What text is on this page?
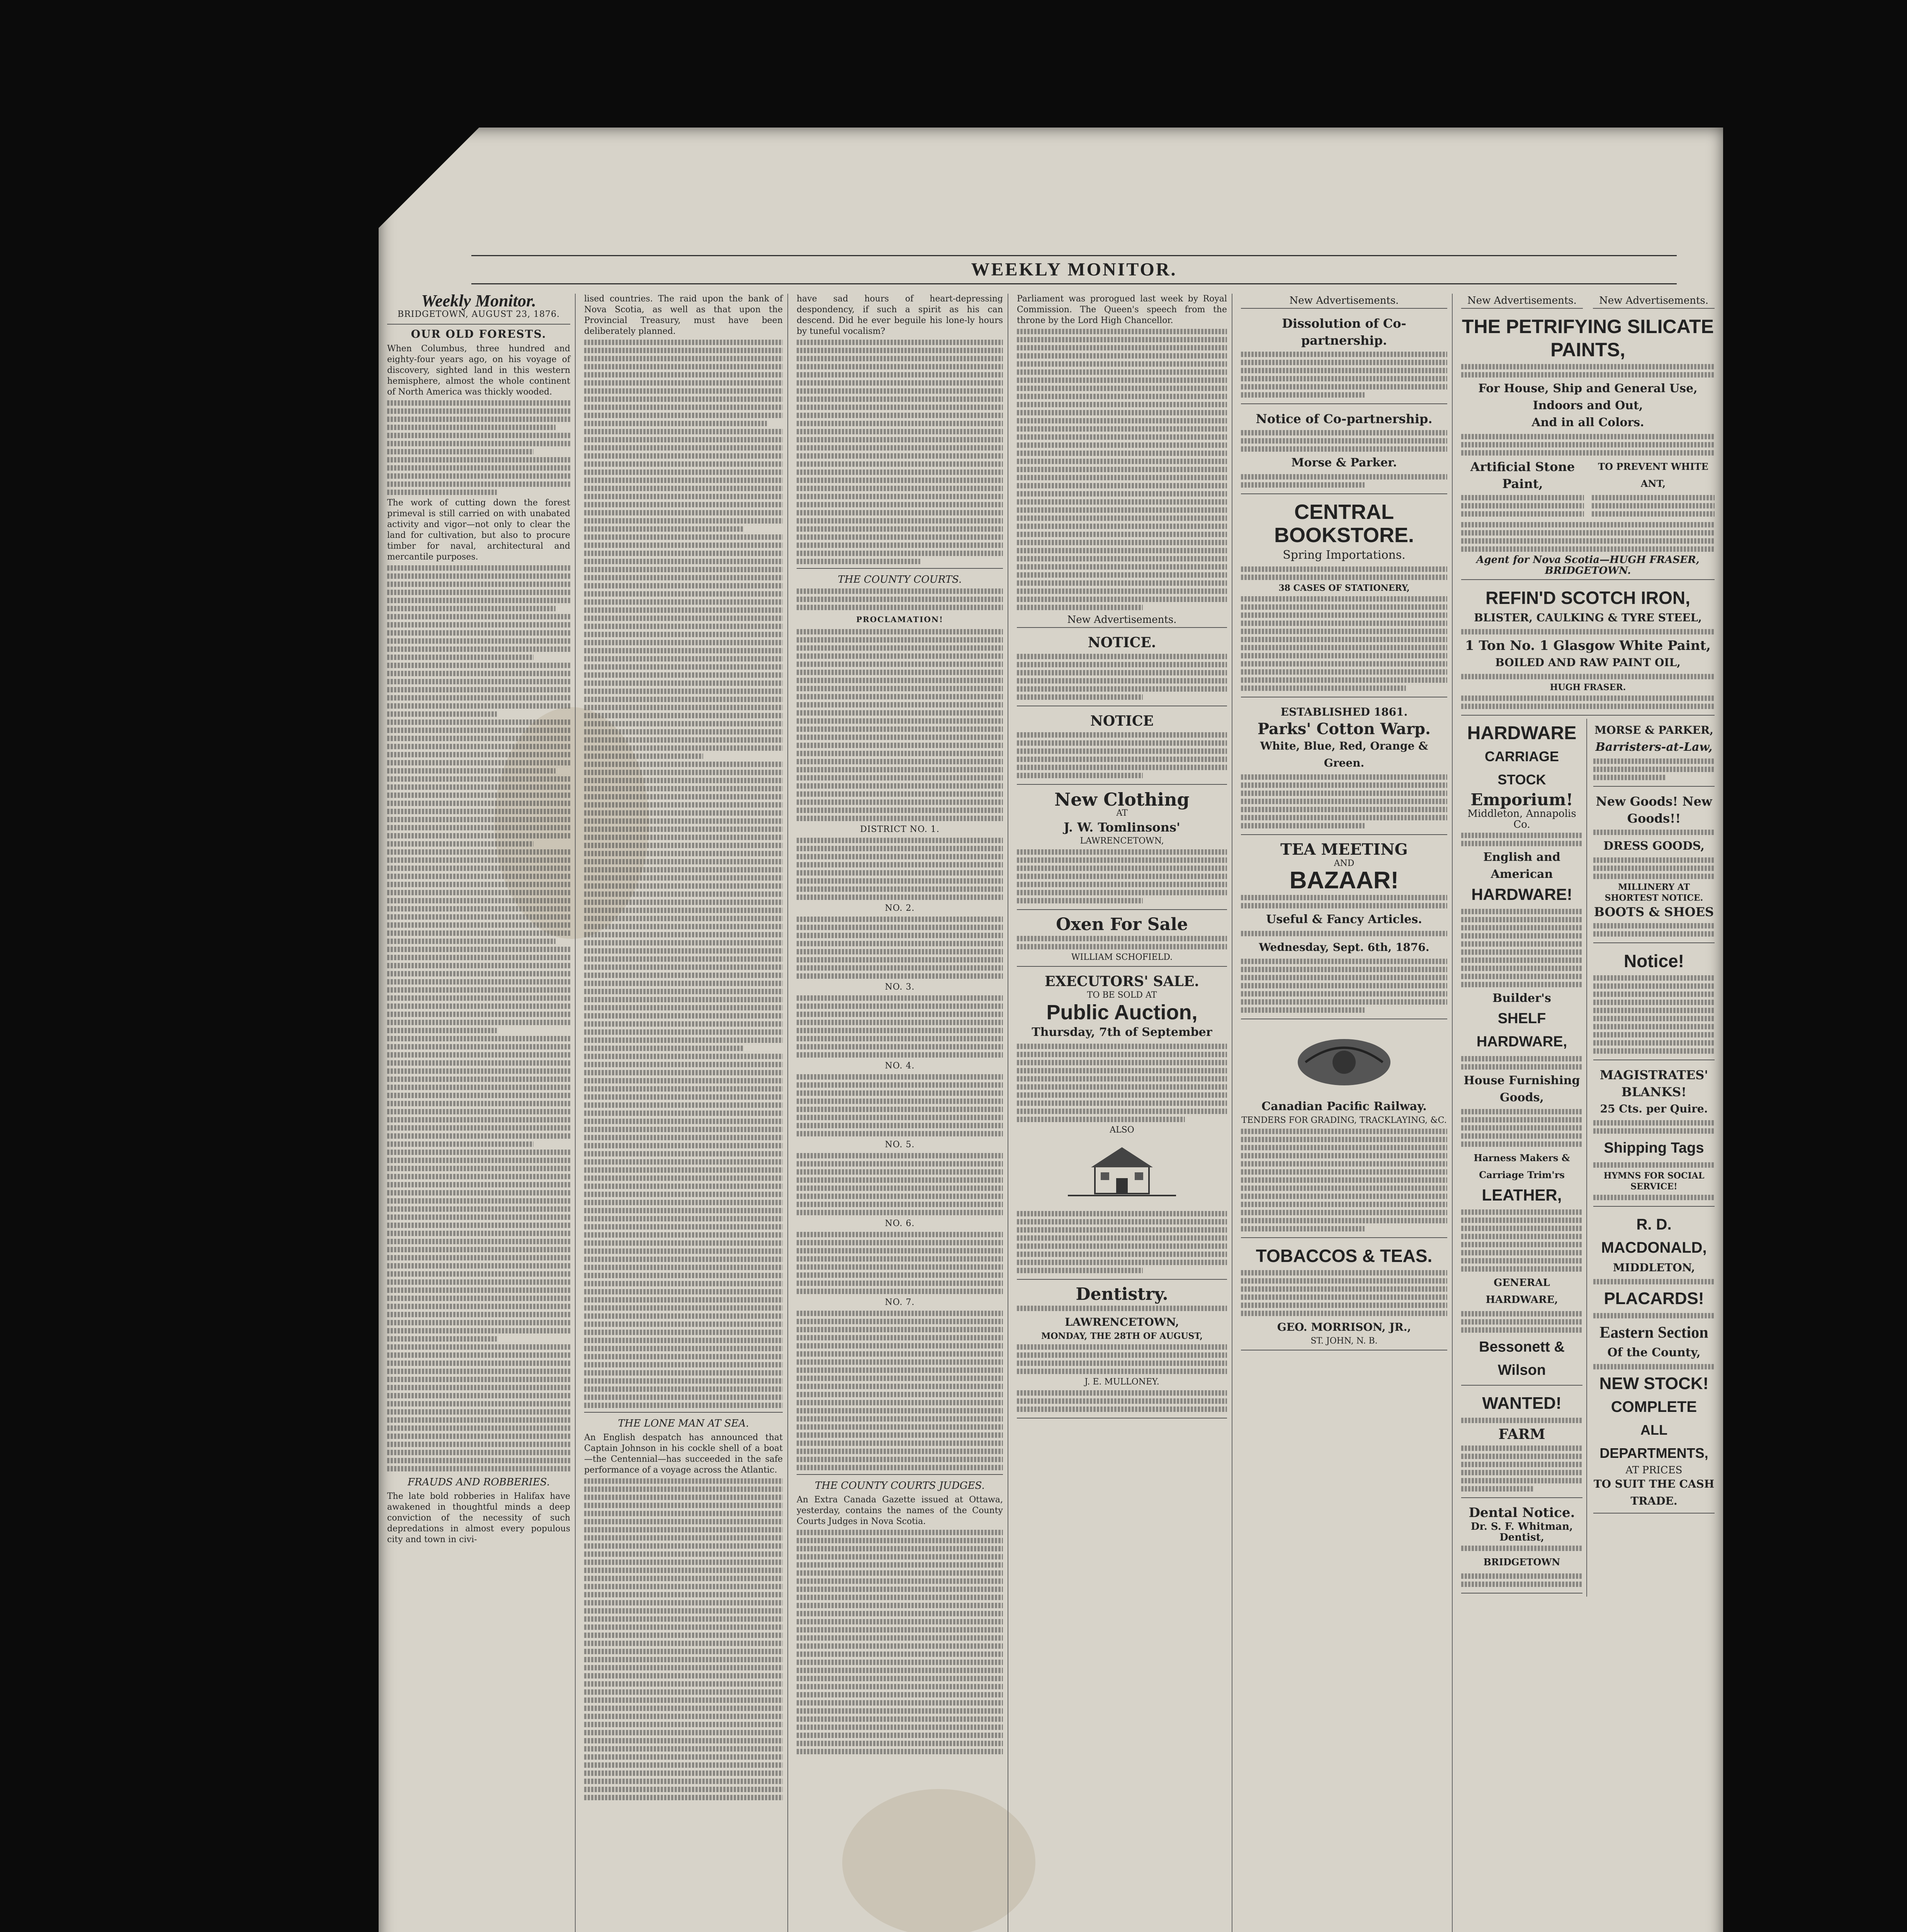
WEEKLY MONITOR.
Weekly Monitor.
BRIDGETOWN, AUGUST 23, 1876.
OUR OLD FORESTS.
When Columbus, three hundred and eighty-four years ago, on his voyage of discovery, sighted land in this western hemisphere, almost the whole continent of North America was thickly wooded.
The work of cutting down the forest primeval is still carried on with unabated activity and vigor—not only to clear the land for cultivation, but also to procure timber for naval, architectural and mercantile purposes.
FRAUDS AND ROBBERIES.
The late bold robberies in Halifax have awakened in thoughtful minds a deep conviction of the necessity of such depredations in almost every populous city and town in civi-
lised countries. The raid upon the bank of Nova Scotia, as well as that upon the Provincial Treasury, must have been deliberately planned.
THE LONE MAN AT SEA.
An English despatch has announced that Captain Johnson in his cockle shell of a boat—the Centennial—has succeeded in the safe performance of a voyage across the Atlantic.
have sad hours of heart-depressing despondency, if such a spirit as his can descend. Did he ever beguile his lone-ly hours by tuneful vocalism?
THE COUNTY COURTS.
PROCLAMATION!
DISTRICT NO. 1.
NO. 2.
NO. 3.
NO. 4.
NO. 5.
NO. 6.
NO. 7.
THE COUNTY COURTS JUDGES.
An Extra Canada Gazette issued at Ottawa, yesterday, contains the names of the County Courts Judges in Nova Scotia.
Parliament was prorogued last week by Royal Commission. The Queen's speech from the throne by the Lord High Chancellor.
New Advertisements.
NOTICE.
NOTICE
New Clothing
AT
J. W. Tomlinsons'
LAWRENCETOWN,
Oxen For Sale
WILLIAM SCHOFIELD.
EXECUTORS' SALE.
TO BE SOLD AT
Public Auction,
Thursday, 7th of September
ALSO
Dentistry.
LAWRENCETOWN,
MONDAY, THE 28TH OF AUGUST,
J. E. MULLONEY.
New Advertisements.
Dissolution of Co-partnership.
Notice of Co-partnership.
Morse & Parker.
CENTRAL
BOOKSTORE.
Spring Importations.
38 CASES OF STATIONERY,
ESTABLISHED 1861.
Parks' Cotton Warp.
White, Blue, Red, Orange & Green.
TEA MEETING
AND
BAZAAR!
Useful & Fancy Articles.
Wednesday, Sept. 6th, 1876.
Canadian Pacific Railway.
TENDERS FOR GRADING, TRACKLAYING, &C.
TOBACCOS & TEAS.
GEO. MORRISON, JR.,
ST. JOHN, N. B.
New Advertisements.	New Advertisements.
THE PETRIFYING SILICATE PAINTS,
For House, Ship and General Use, Indoors and Out,
And in all Colors.
Artificial Stone Paint,
TO PREVENT WHITE ANT,
Agent for Nova Scotia—HUGH FRASER, BRIDGETOWN.
REFIN'D SCOTCH IRON,
BLISTER, CAULKING & TYRE STEEL,
1 Ton No. 1 Glasgow White Paint,
BOILED AND RAW PAINT OIL,
HUGH FRASER.
HARDWARE
CARRIAGE STOCK
Emporium!
Middleton, Annapolis Co.
English and American
HARDWARE!
Builder's
SHELF HARDWARE,
House Furnishing Goods,
Harness Makers & Carriage Trim'rs
LEATHER,
GENERAL HARDWARE,
Bessonett & Wilson
WANTED!
FARM
Dental Notice.
Dr. S. F. Whitman, Dentist,
BRIDGETOWN
MORSE & PARKER,
Barristers-at-Law,
New Goods! New Goods!!
DRESS GOODS,
MILLINERY AT SHORTEST NOTICE.
BOOTS & SHOES
Notice!
MAGISTRATES' BLANKS!
25 Cts. per Quire.
Shipping Tags
HYMNS FOR SOCIAL SERVICE!
R. D. MACDONALD,
MIDDLETON,
PLACARDS!
Eastern Section
Of the County,
NEW STOCK!
COMPLETE
ALL DEPARTMENTS,
AT PRICES
TO SUIT THE CASH TRADE.
